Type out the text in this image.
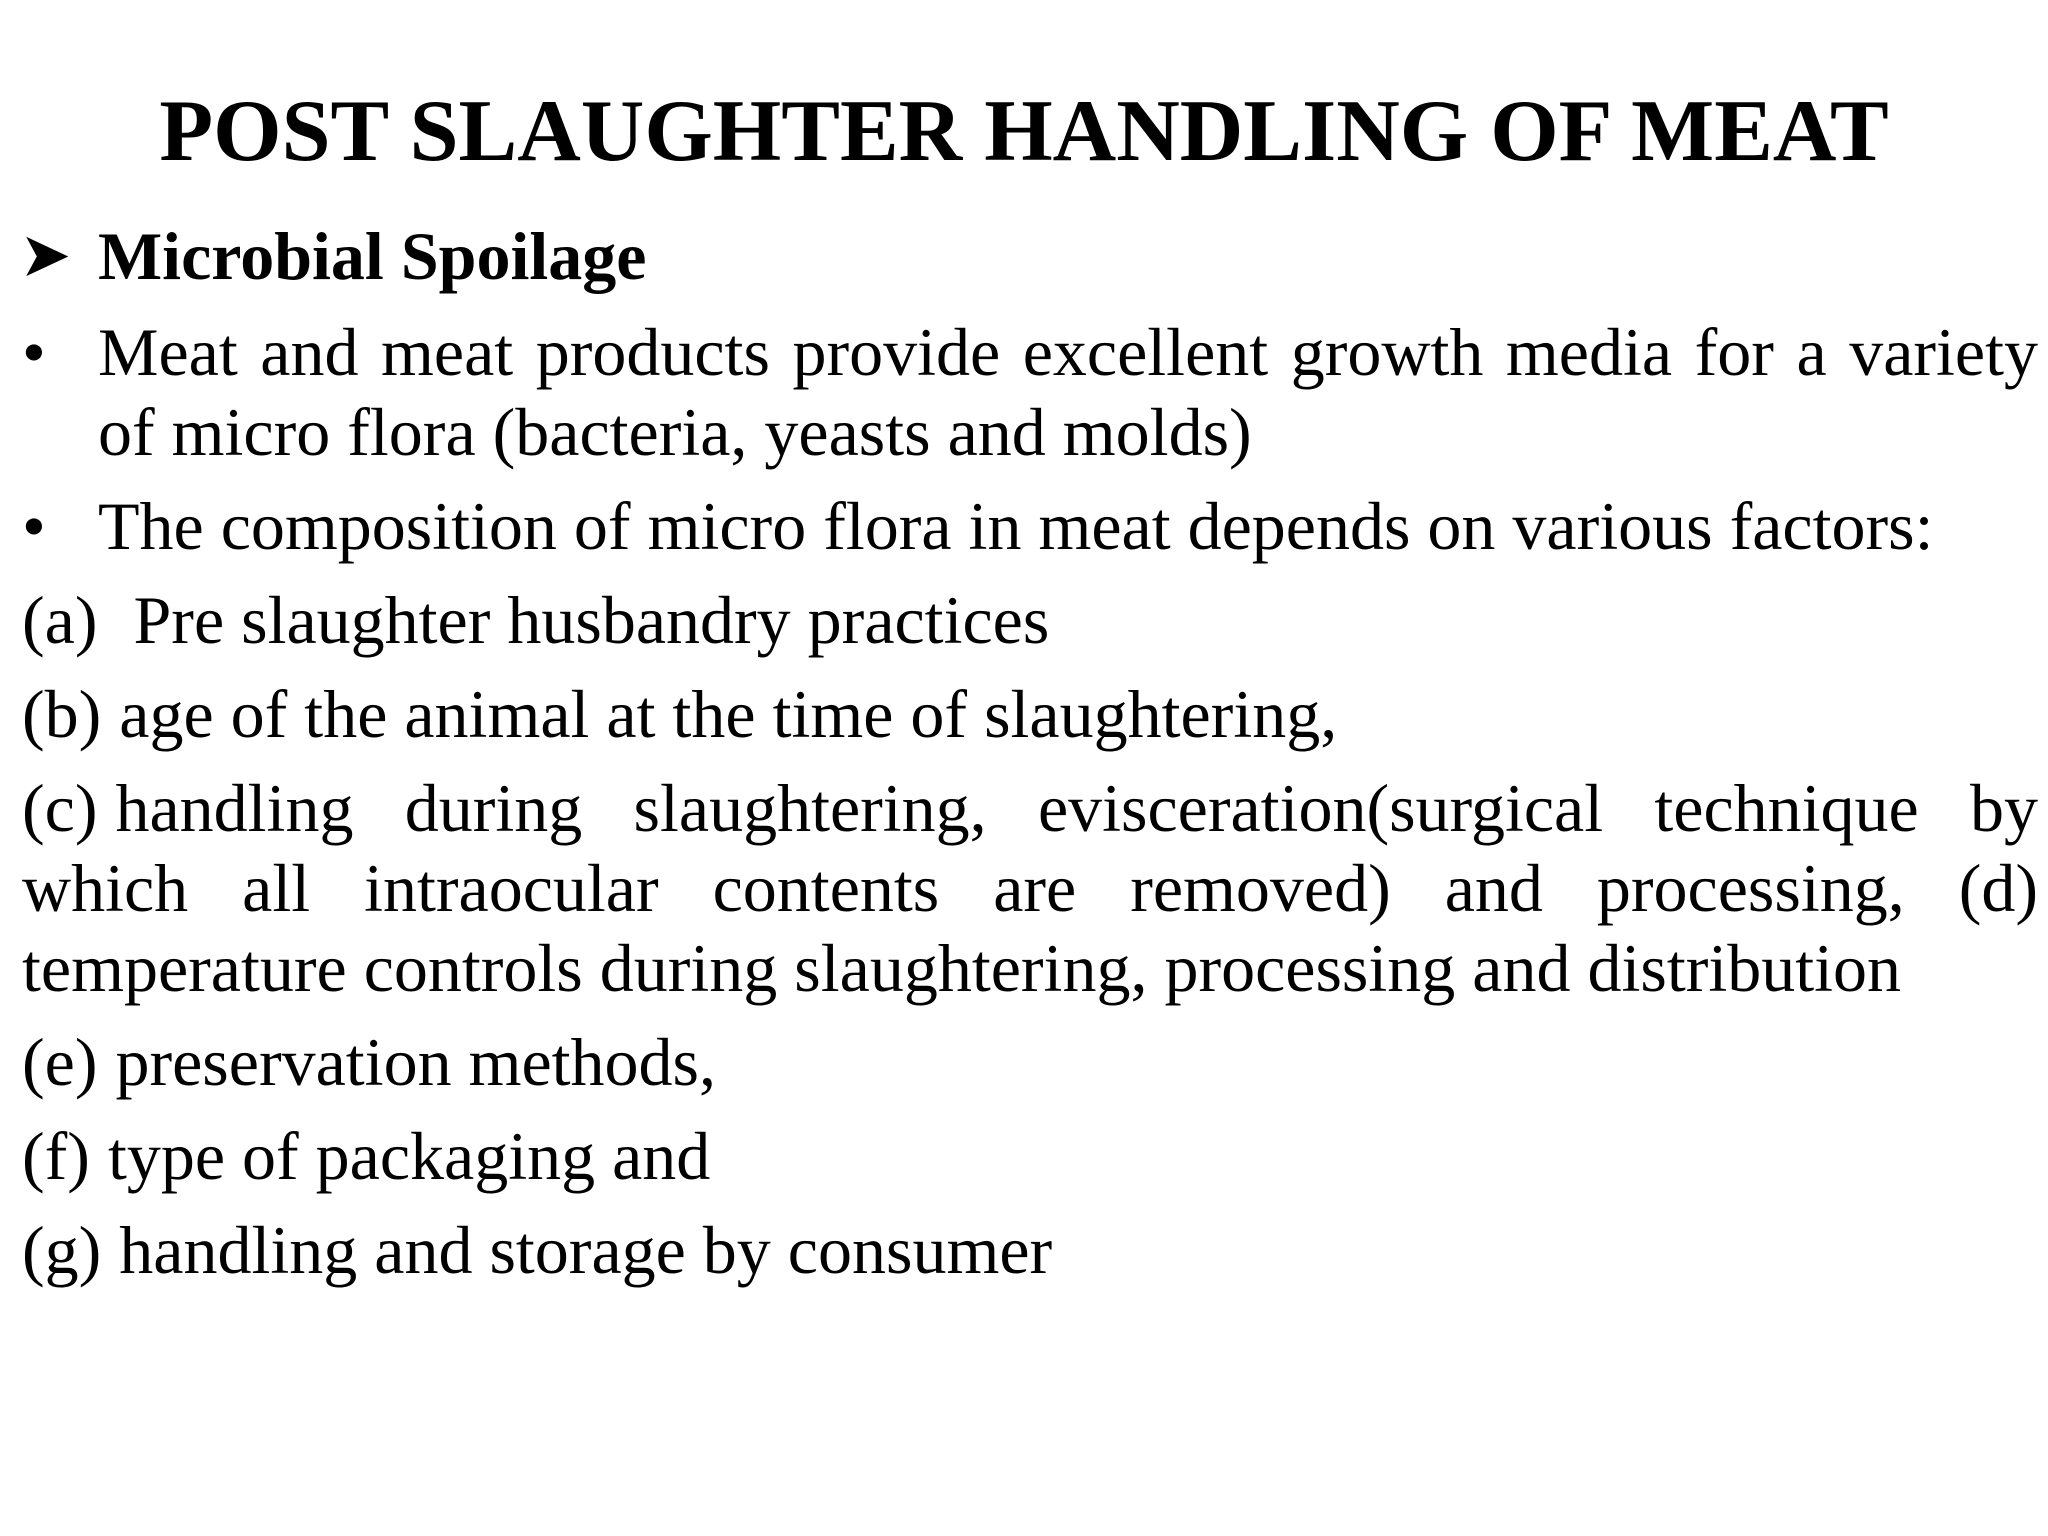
POST SLAUGHTER HANDLING OF MEAT
➤ Microbial Spoilage
• Meat and meat products provide excellent growth media for a variety of micro flora (bacteria, yeasts and molds)
• The composition of micro flora in meat depends on various factors:
(a) Pre slaughter husbandry practices
(b) age of the animal at the time of slaughtering,
(c) handling during slaughtering, evisceration(surgical technique by which all intraocular contents are removed) and processing, (d) temperature controls during slaughtering, processing and distribution
(e) preservation methods,
(f) type of packaging and
(g) handling and storage by consumer
